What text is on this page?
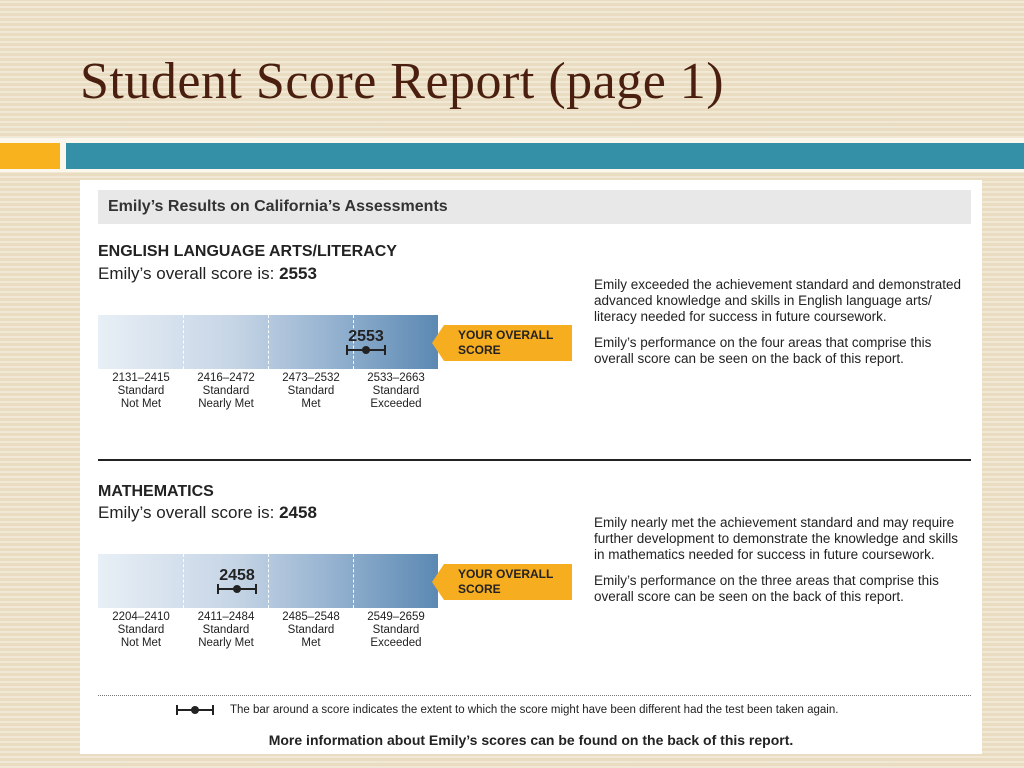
Student Score Report (page 1)
Emily’s Results on California’s Assessments
ENGLISH LANGUAGE ARTS/LITERACY
Emily’s overall score is: 2553
2553	YOUR OVERALL
SCORE
2131–2415
Standard
Not Met
2416–2472
Standard
Nearly Met
2473–2532
Standard
Met
2533–2663
Standard
Exceeded

Emily exceeded the achievement standard and demonstrated advanced knowledge and skills in English language arts/ literacy needed for success in future coursework.

Emily’s performance on the four areas that comprise this overall score can be seen on the back of this report.

MATHEMATICS
Emily’s overall score is: 2458
2458	YOUR OVERALL
SCORE
2204–2410
Standard
Not Met
2411–2484
Standard
Nearly Met
2485–2548
Standard
Met
2549–2659
Standard
Exceeded

Emily nearly met the achievement standard and may require further development to demonstrate the knowledge and skills in mathematics needed for success in future coursework.

Emily’s performance on the three areas that comprise this overall score can be seen on the back of this report.

The bar around a score indicates the extent to which the score might have been different had the test been taken again.
More information about Emily’s scores can be found on the back of this report.
